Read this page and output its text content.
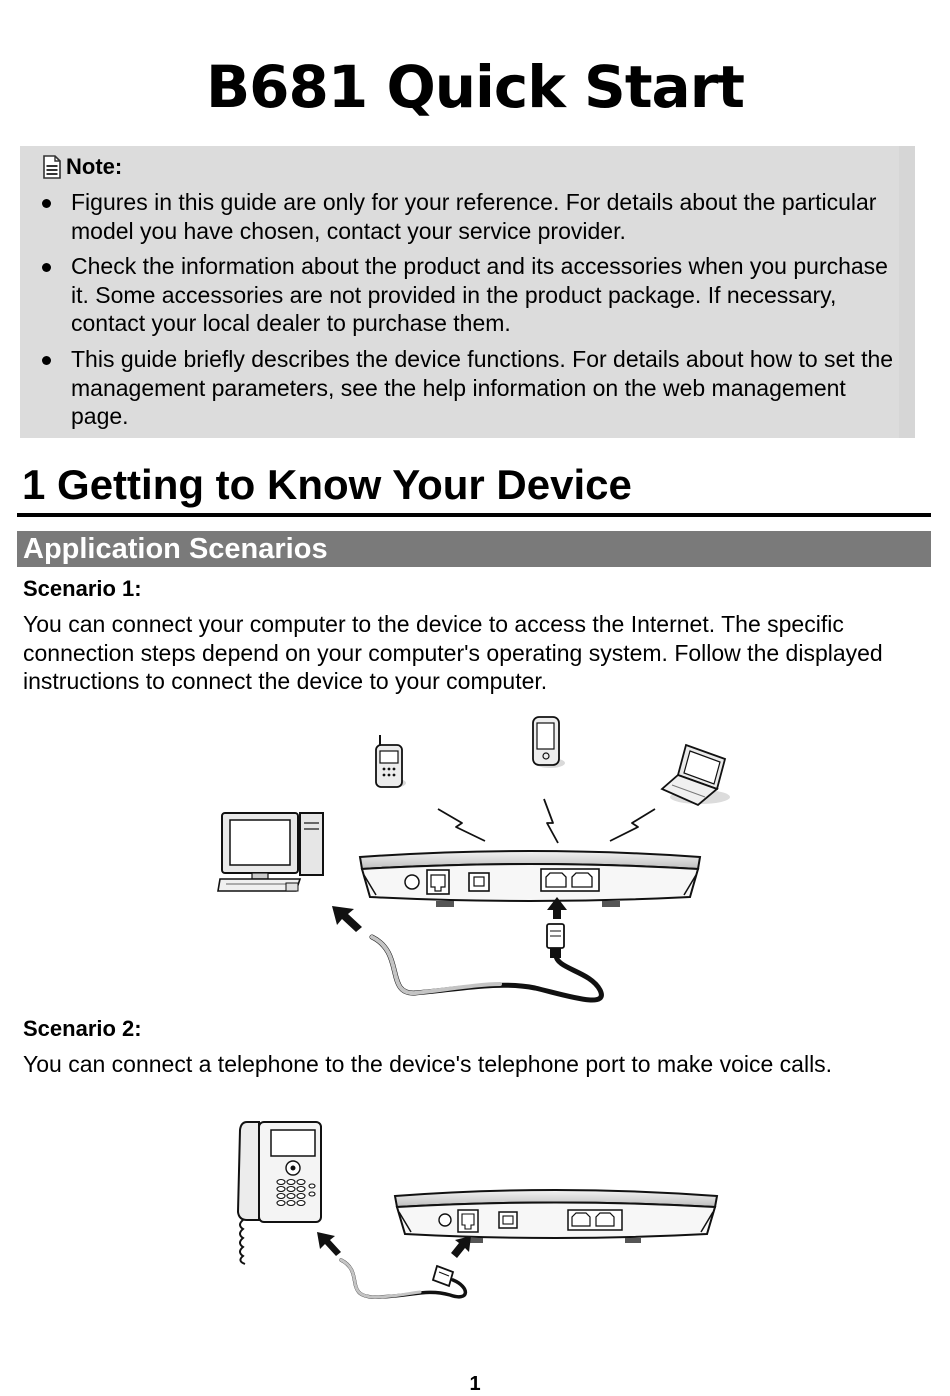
B681 Quick Start
Note:
Figures in this guide are only for your reference. For details about the particular model you have chosen, contact your service provider.
Check the information about the product and its accessories when you purchase it. Some accessories are not provided in the product package. If necessary, contact your local dealer to purchase them.
This guide briefly describes the device functions. For details about how to set the management parameters, see the help information on the web management page.
1 Getting to Know Your Device
Application Scenarios
Scenario 1:
You can connect your computer to the device to access the Internet. The specific connection steps depend on your computer's operating system. Follow the displayed instructions to connect the device to your computer.
Scenario 2:
You can connect a telephone to the device's telephone port to make voice calls.
1
